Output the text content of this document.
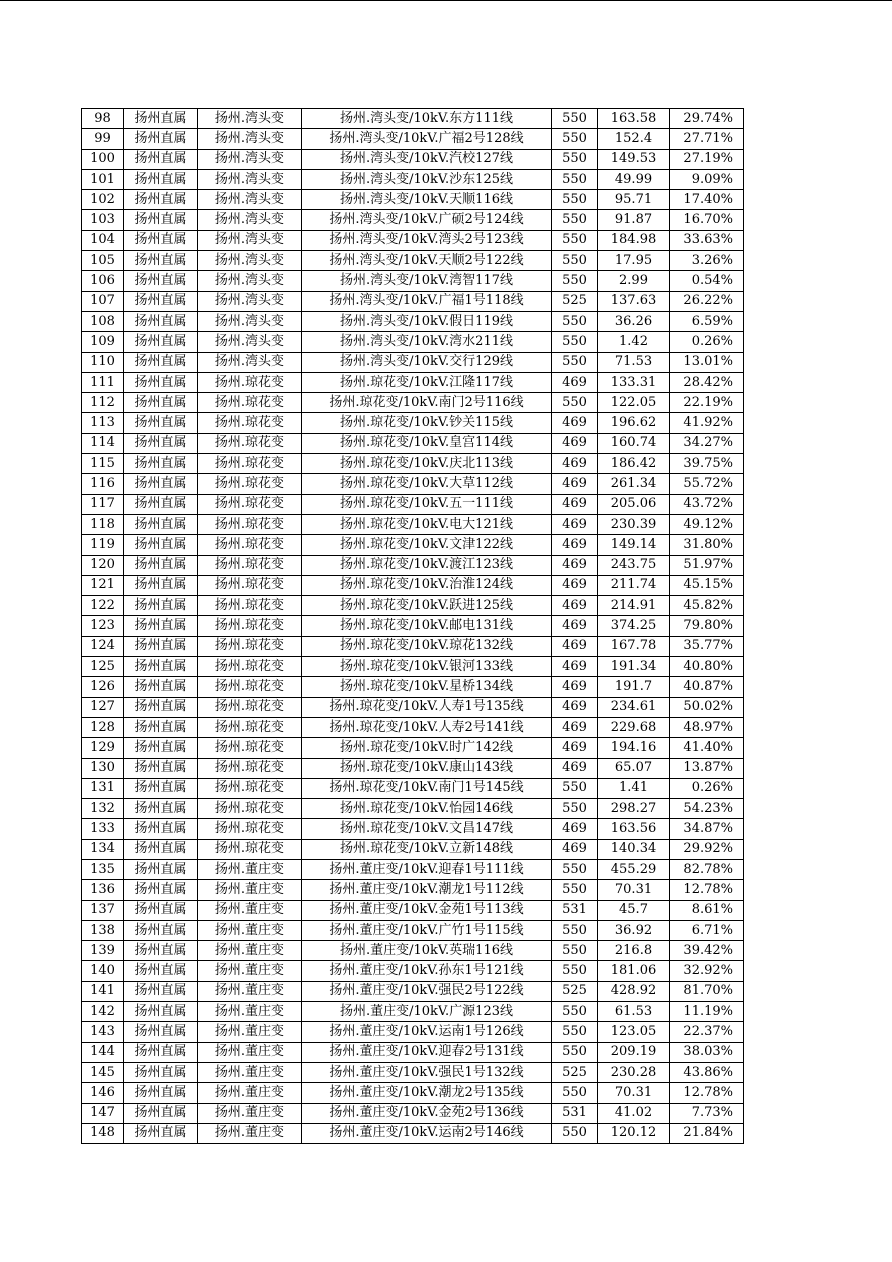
98	扬州直属	扬州.湾头变	扬州.湾头变/10kV.东方111线	550	163.58	29.74%
99	扬州直属	扬州.湾头变	扬州.湾头变/10kV.广福2号128线	550	152.4	27.71%
100	扬州直属	扬州.湾头变	扬州.湾头变/10kV.汽校127线	550	149.53	27.19%
101	扬州直属	扬州.湾头变	扬州.湾头变/10kV.沙东125线	550	49.99	9.09%
102	扬州直属	扬州.湾头变	扬州.湾头变/10kV.天顺116线	550	95.71	17.40%
103	扬州直属	扬州.湾头变	扬州.湾头变/10kV.广硕2号124线	550	91.87	16.70%
104	扬州直属	扬州.湾头变	扬州.湾头变/10kV.湾头2号123线	550	184.98	33.63%
105	扬州直属	扬州.湾头变	扬州.湾头变/10kV.天顺2号122线	550	17.95	3.26%
106	扬州直属	扬州.湾头变	扬州.湾头变/10kV.湾智117线	550	2.99	0.54%
107	扬州直属	扬州.湾头变	扬州.湾头变/10kV.广福1号118线	525	137.63	26.22%
108	扬州直属	扬州.湾头变	扬州.湾头变/10kV.假日119线	550	36.26	6.59%
109	扬州直属	扬州.湾头变	扬州.湾头变/10kV.湾水211线	550	1.42	0.26%
110	扬州直属	扬州.湾头变	扬州.湾头变/10kV.交行129线	550	71.53	13.01%
111	扬州直属	扬州.琼花变	扬州.琼花变/10kV.江隆117线	469	133.31	28.42%
112	扬州直属	扬州.琼花变	扬州.琼花变/10kV.南门2号116线	550	122.05	22.19%
113	扬州直属	扬州.琼花变	扬州.琼花变/10kV.钞关115线	469	196.62	41.92%
114	扬州直属	扬州.琼花变	扬州.琼花变/10kV.皇宫114线	469	160.74	34.27%
115	扬州直属	扬州.琼花变	扬州.琼花变/10kV.庆北113线	469	186.42	39.75%
116	扬州直属	扬州.琼花变	扬州.琼花变/10kV.大草112线	469	261.34	55.72%
117	扬州直属	扬州.琼花变	扬州.琼花变/10kV.五一111线	469	205.06	43.72%
118	扬州直属	扬州.琼花变	扬州.琼花变/10kV.电大121线	469	230.39	49.12%
119	扬州直属	扬州.琼花变	扬州.琼花变/10kV.文津122线	469	149.14	31.80%
120	扬州直属	扬州.琼花变	扬州.琼花变/10kV.渡江123线	469	243.75	51.97%
121	扬州直属	扬州.琼花变	扬州.琼花变/10kV.治淮124线	469	211.74	45.15%
122	扬州直属	扬州.琼花变	扬州.琼花变/10kV.跃进125线	469	214.91	45.82%
123	扬州直属	扬州.琼花变	扬州.琼花变/10kV.邮电131线	469	374.25	79.80%
124	扬州直属	扬州.琼花变	扬州.琼花变/10kV.琼花132线	469	167.78	35.77%
125	扬州直属	扬州.琼花变	扬州.琼花变/10kV.银河133线	469	191.34	40.80%
126	扬州直属	扬州.琼花变	扬州.琼花变/10kV.星桥134线	469	191.7	40.87%
127	扬州直属	扬州.琼花变	扬州.琼花变/10kV.人寿1号135线	469	234.61	50.02%
128	扬州直属	扬州.琼花变	扬州.琼花变/10kV.人寿2号141线	469	229.68	48.97%
129	扬州直属	扬州.琼花变	扬州.琼花变/10kV.时广142线	469	194.16	41.40%
130	扬州直属	扬州.琼花变	扬州.琼花变/10kV.康山143线	469	65.07	13.87%
131	扬州直属	扬州.琼花变	扬州.琼花变/10kV.南门1号145线	550	1.41	0.26%
132	扬州直属	扬州.琼花变	扬州.琼花变/10kV.怡园146线	550	298.27	54.23%
133	扬州直属	扬州.琼花变	扬州.琼花变/10kV.文昌147线	469	163.56	34.87%
134	扬州直属	扬州.琼花变	扬州.琼花变/10kV.立新148线	469	140.34	29.92%
135	扬州直属	扬州.董庄变	扬州.董庄变/10kV.迎春1号111线	550	455.29	82.78%
136	扬州直属	扬州.董庄变	扬州.董庄变/10kV.潮龙1号112线	550	70.31	12.78%
137	扬州直属	扬州.董庄变	扬州.董庄变/10kV.金苑1号113线	531	45.7	8.61%
138	扬州直属	扬州.董庄变	扬州.董庄变/10kV.广竹1号115线	550	36.92	6.71%
139	扬州直属	扬州.董庄变	扬州.董庄变/10kV.英瑞116线	550	216.8	39.42%
140	扬州直属	扬州.董庄变	扬州.董庄变/10kV.孙东1号121线	550	181.06	32.92%
141	扬州直属	扬州.董庄变	扬州.董庄变/10kV.强民2号122线	525	428.92	81.70%
142	扬州直属	扬州.董庄变	扬州.董庄变/10kV.广源123线	550	61.53	11.19%
143	扬州直属	扬州.董庄变	扬州.董庄变/10kV.运南1号126线	550	123.05	22.37%
144	扬州直属	扬州.董庄变	扬州.董庄变/10kV.迎春2号131线	550	209.19	38.03%
145	扬州直属	扬州.董庄变	扬州.董庄变/10kV.强民1号132线	525	230.28	43.86%
146	扬州直属	扬州.董庄变	扬州.董庄变/10kV.潮龙2号135线	550	70.31	12.78%
147	扬州直属	扬州.董庄变	扬州.董庄变/10kV.金苑2号136线	531	41.02	7.73%
148	扬州直属	扬州.董庄变	扬州.董庄变/10kV.运南2号146线	550	120.12	21.84%
